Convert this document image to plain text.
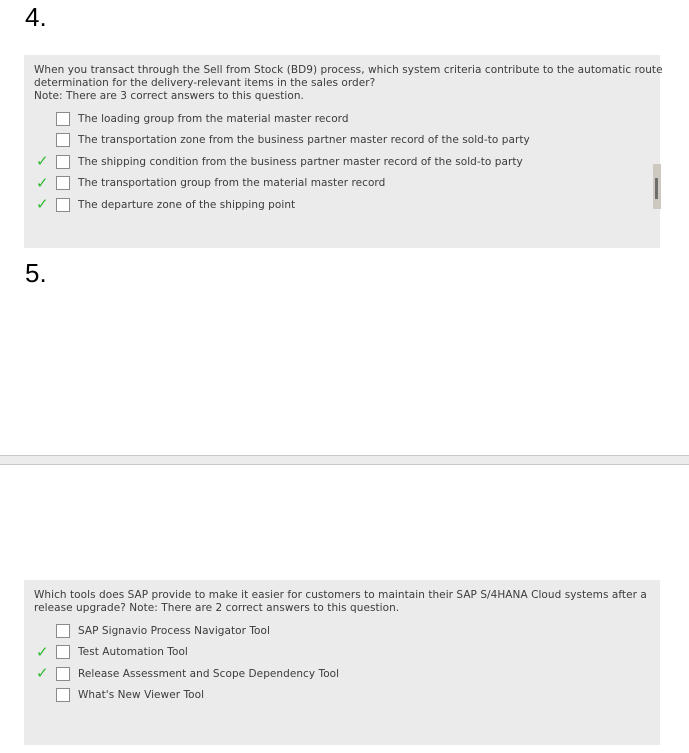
4.
When you transact through the Sell from Stock (BD9) process, which system criteria contribute to the automatic route
determination for the delivery-relevant items in the sales order?
Note: There are 3 correct answers to this question.
The loading group from the material master record
The transportation zone from the business partner master record of the sold-to party
✓	The shipping condition from the business partner master record of the sold-to party
✓	The transportation group from the material master record
✓	The departure zone of the shipping point
5.
Which tools does SAP provide to make it easier for customers to maintain their SAP S/4HANA Cloud systems after a
release upgrade? Note: There are 2 correct answers to this question.
SAP Signavio Process Navigator Tool
✓	Test Automation Tool
✓	Release Assessment and Scope Dependency Tool
What's New Viewer Tool
